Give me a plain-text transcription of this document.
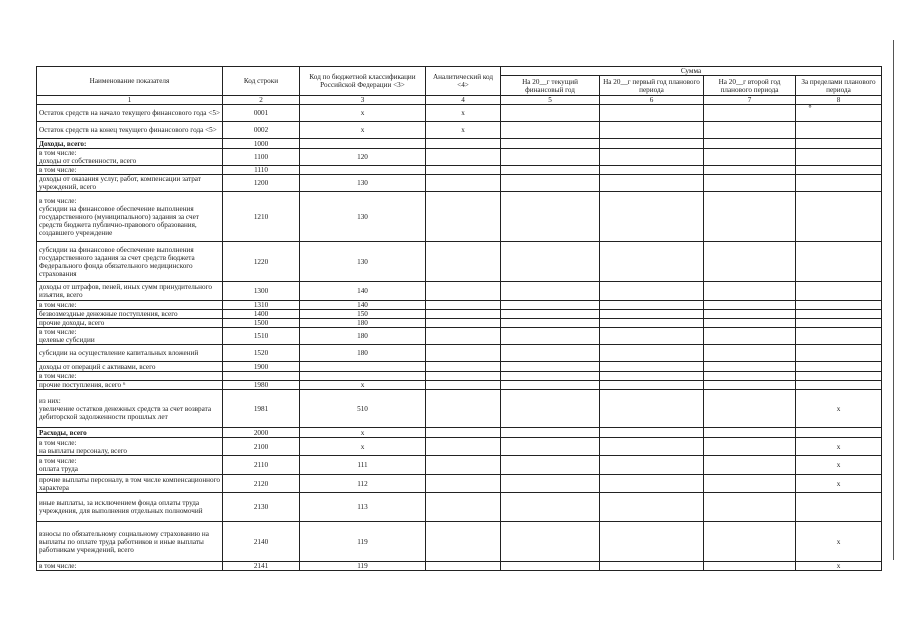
°
Наименование показателя	Код строки	Код по бюджетной классификации Российской Федерации <3>	Аналитический код <4>	Сумма			
				На 20__г текущий финансовый год	На 20__г первый год планового периода	На 20__г второй год планового периода	За пределами планового периода
1	2	3	4	5	6	7	8
Остаток средств на начало текущего финансового года <5>	0001	x	x				
Остаток средств на конец текущего финансового года <5>	0002	x	x				
Доходы, всего:	1000						
в том числе:
доходы от собственности, всего	1100	120					
в том числе:	1110						
доходы от оказания услуг, работ, компенсации затрат учреждений, всего	1200	130					
в том числе:
субсидии на финансовое обеспечение выполнения государственного (муниципального) задания за счет средств бюджета публично-правового образования, создавшего учреждение	1210	130					
субсидии на финансовое обеспечение выполнения государственного задания за счет средств бюджета Федерального фонда обязательного медицинского страхования	1220	130					
доходы от штрафов, пеней, иных сумм принудительного изъятия, всего	1300	140					
в том числе:	1310	140					
безвозмездные денежные поступления, всего	1400	150					
прочие доходы, всего	1500	180					
в том числе:
целевые субсидии	1510	180					
субсидии на осуществление капитальных вложений	1520	180					
доходы от операций с активами, всего	1900						
в том числе:							
прочие поступления, всего ⁶	1980	x					
из них:
увеличение остатков денежных средств за счет возврата дебиторской задолженности прошлых лет	1981	510					x
Расходы, всего	2000	x					
в том числе:
на выплаты персоналу, всего	2100	x					x
в том числе:
оплата труда	2110	111					x
прочие выплаты персоналу, в том числе компенсационного характера	2120	112					x
иные выплаты, за исключением фонда оплаты труда учреждения, для выполнения отдельных полномочий	2130	113					
взносы по обязательному социальному страхованию на выплаты по оплате труда работников и иные выплаты работникам учреждений, всего	2140	119					x
в том числе:	2141	119					x
